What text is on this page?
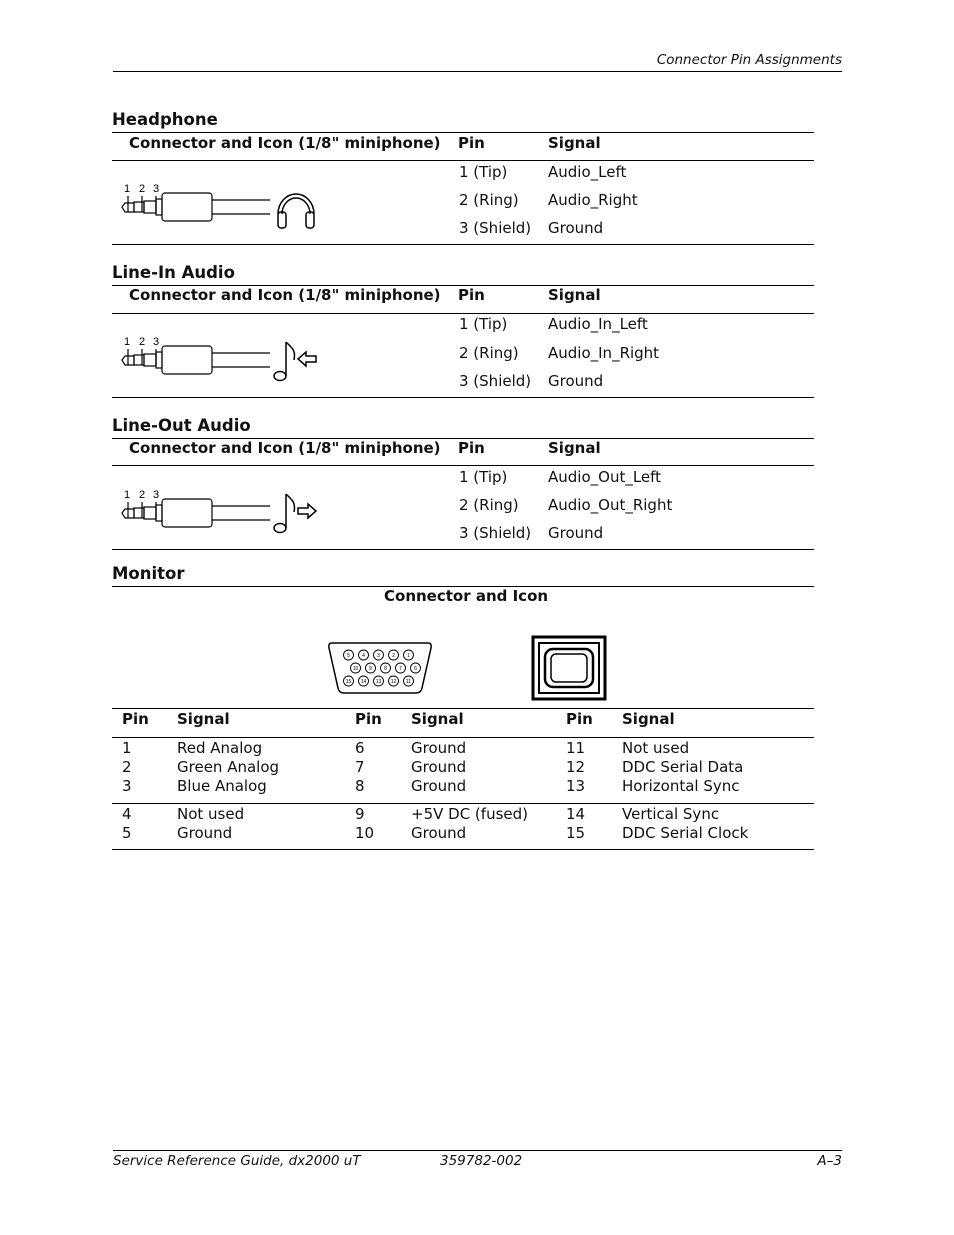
Connector Pin Assignments
Headphone
Connector and Icon (1/8" miniphone) Pin	Signal
1 (Tip)	Audio_Left
2 (Ring) Audio_Right
3 (Shield) Ground
1 2 3
Line-In Audio
Connector and Icon (1/8" miniphone) Pin	Signal
1 (Tip)	Audio_In_Left
2 (Ring) Audio_In_Right
3 (Shield) Ground
1 2 3
Line-Out Audio
Connector and Icon (1/8" miniphone) Pin	Signal
1 (Tip)	Audio_Out_Left
2 (Ring) Audio_Out_Right
3 (Shield) Ground
1 2 3
Monitor
Connector and Icon
5 4 3 2 1
10 9 8 7 6
15 14 13 12 11
Pin Signal	Pin Signal	Pin Signal
1	Red Analog	6	Ground	11 Not used
2	Green Analog	7	Ground	12 DDC Serial Data
3	Blue Analog	8	Ground	13 Horizontal Sync
4	Not used	9	+5V DC (fused)	14 Vertical Sync
5	Ground	10 Ground	15 DDC Serial Clock
Service Reference Guide, dx2000 uT	359782-002	A–3
